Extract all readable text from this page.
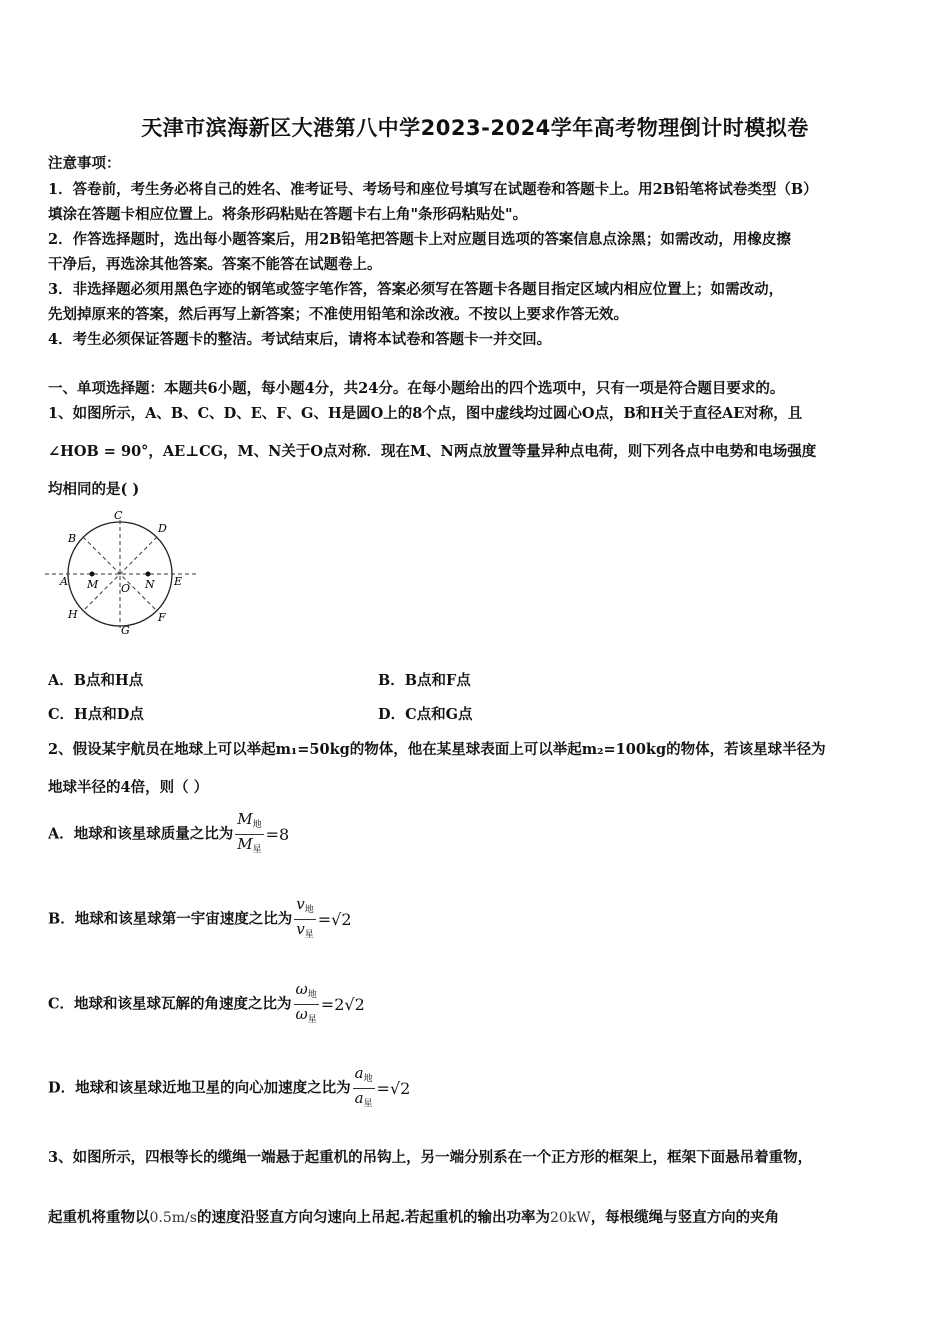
天津市滨海新区大港第八中学2023-2024学年高考物理倒计时模拟卷
注意事项：
1．答卷前，考生务必将自己的姓名、准考证号、考场号和座位号填写在试题卷和答题卡上。用2B铅笔将试卷类型（B）
填涂在答题卡相应位置上。将条形码粘贴在答题卡右上角"条形码粘贴处"。
2．作答选择题时，选出每小题答案后，用2B铅笔把答题卡上对应题目选项的答案信息点涂黑；如需改动，用橡皮擦
干净后，再选涂其他答案。答案不能答在试题卷上。
3．非选择题必须用黑色字迹的钢笔或签字笔作答，答案必须写在答题卡各题目指定区域内相应位置上；如需改动，
先划掉原来的答案，然后再写上新答案；不准使用铅笔和涂改液。不按以上要求作答无效。
4．考生必须保证答题卡的整洁。考试结束后，请将本试卷和答题卡一并交回。
一、单项选择题：本题共6小题，每小题4分，共24分。在每小题给出的四个选项中，只有一项是符合题目要求的。
1、如图所示，A、B、C、D、E、F、G、H是圆O上的8个点，图中虚线均过圆心O点，B和H关于直径AE对称，且
∠HOB = 90°，AE⊥CG，M、N关于O点对称．现在M、N两点放置等量异种点电荷，则下列各点中电势和电场强度
均相同的是( )
C
D
B
A	E
H	F
G
M	N
O
A．B点和H点	B．B点和F点
C．H点和D点	D．C点和G点
2、假设某宇航员在地球上可以举起m₁=50kg的物体，他在某星球表面上可以举起m₂=100kg的物体，若该星球半径为
地球半径的4倍，则（ ）
A．地球和该星球质量之比为 $\frac{M_地}{M_星} =8$
B．地球和该星球第一宇宙速度之比为 $\frac{v_地}{v_星} =√2$
C．地球和该星球瓦解的角速度之比为 $\frac{\omega_地}{\omega_星} =2√2$
D．地球和该星球近地卫星的向心加速度之比为 $\frac{a_地}{a_星} =√2$
3、如图所示，四根等长的缆绳一端悬于起重机的吊钩上，另一端分别系在一个正方形的框架上，框架下面悬吊着重物，
起重机将重物以0.5m/s的速度沿竖直方向匀速向上吊起.若起重机的输出功率为20kW，每根缆绳与竖直方向的夹角
